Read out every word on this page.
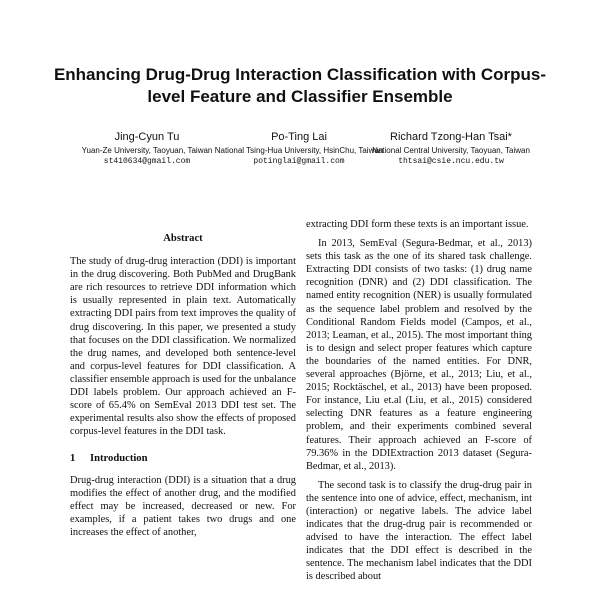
Enhancing Drug-Drug Interaction Classification with Corpus-level Feature and Classifier Ensemble
Jing-Cyun Tu
Yuan-Ze University, Taoyuan, Taiwan
st410634@gmail.com
Po-Ting Lai
National Tsing-Hua University, HsinChu, Taiwan
potinglai@gmail.com
Richard Tzong-Han Tsai*
National Central University, Taoyuan, Taiwan
thtsai@csie.ncu.edu.tw
Abstract

The study of drug-drug interaction (DDI) is important in the drug discovering. Both PubMed and DrugBank are rich resources to retrieve DDI information which is usually represented in plain text. Automatically extracting DDI pairs from text improves the quality of drug discovering. In this paper, we presented a study that focuses on the DDI classification. We normalized the drug names, and developed both sentence-level and corpus-level features for DDI classification. A classifier ensemble approach is used for the unbalance DDI labels problem. Our approach achieved an F-score of 65.4% on SemEval 2013 DDI test set. The experimental results also show the effects of proposed corpus-level features in the DDI task.

1 Introduction

Drug-drug interaction (DDI) is a situation that a drug modifies the effect of another drug, and the modified effect may be increased, decreased or new. For examples, if a patient takes two drugs and one increases the effect of another,

extracting DDI form these texts is an important issue.

In 2013, SemEval (Segura-Bedmar, et al., 2013) sets this task as the one of its shared task challenge. Extracting DDI consists of two tasks: (1) drug name recognition (DNR) and (2) DDI classification. The named entity recognition (NER) is usually formulated as the sequence label problem and resolved by the Conditional Random Fields model (Campos, et al., 2013; Leaman, et al., 2015). The most important thing is to design and select proper features which capture the boundaries of the named entities. For DNR, several approaches (Björne, et al., 2013; Liu, et al., 2015; Rocktäschel, et al., 2013) have been proposed. For instance, Liu et.al (Liu, et al., 2015) considered selecting DNR features as a feature engineering problem, and their experiments combined several features. Their approach achieved an F-score of 79.36% in the DDIExtraction 2013 dataset (Segura-Bedmar, et al., 2013).

The second task is to classify the drug-drug pair in the sentence into one of advice, effect, mechanism, int (interaction) or negative labels. The advice label indicates that the drug-drug pair is recommended or advised to have the interaction. The effect label indicates that the DDI effect is described in the sentence. The mechanism label indicates that the DDI is described about
